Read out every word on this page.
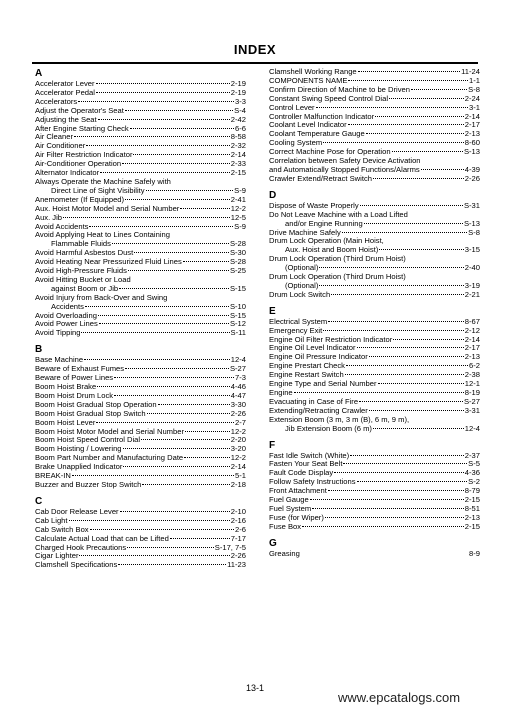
INDEX
A
Accelerator Lever	2-19
Accelerator Pedal	2-19
Accelerators	3-3
Adjust the Operator's Seat	S-4
Adjusting the Seat	2-42
After Engine Starting Check	6-6
Air Cleaner	8-58
Air Conditioner	2-32
Air Filter Restriction Indicator	2-14
Air-Conditioner Operation	2-33
Alternator Indicator	2-15
Always Operate the Machine Safely with
Direct Line of Sight Visibility	S-9
Anemometer (If Equipped)	2-41
Aux. Hoist Motor Model and Serial Number	12-2
Aux. Jib	12-5
Avoid Accidents	S-9
Avoid Applying Heat to Lines Containing
Flammable Fluids	S-28
Avoid Harmful Asbestos Dust	S-30
Avoid Heating Near Pressurized Fluid Lines	S-28
Avoid High-Pressure Fluids	S-25
Avoid Hitting Bucket or Load
against Boom or Jib	S-15
Avoid Injury from Back-Over and Swing
Accidents	S-10
Avoid Overloading	S-15
Avoid Power Lines	S-12
Avoid Tipping	S-11
B
Base Machine	12-4
Beware of Exhaust Fumes	S-27
Beware of Power Lines	7-3
Boom Hoist Brake	4-46
Boom Hoist Drum Lock	4-47
Boom Hoist Gradual Stop Operation	3-30
Boom Hoist Gradual Stop Switch	2-26
Boom Hoist Lever	2-7
Boom Hoist Motor Model and Serial Number	12-2
Boom Hoist Speed Control Dial	2-20
Boom Hoisting / Lowering	3-20
Boom Part Number and Manufacturing Date	12-2
Brake Unapplied Indicator	2-14
BREAK-IN	5-1
Buzzer and Buzzer Stop Switch	2-18
C
Cab Door Release Lever	2-10
Cab Light	2-16
Cab Switch Box	2-6
Calculate Actual Load that can be Lifted	7-17
Charged Hook Precautions	S-17, 7-5
Cigar Lighter	2-26
Clamshell Specifications	11-23
Clamshell Working Range	11-24
COMPONENTS NAME	1-1
Confirm Direction of Machine to be Driven	S-8
Constant Swing Speed Control Dial	2-24
Control Lever	3-1
Controller Malfunction Indicator	2-14
Coolant Level Indicator	2-17
Coolant Temperature Gauge	2-13
Cooling System	8-60
Correct Machine Pose for Operation	S-13
Correlation between Safety Device Activation
and Automatically Stopped Functions/Alarms	4-39
Crawler Extend/Retract Switch	2-26
D
Dispose of Waste Properly	S-31
Do Not Leave Machine with a Load Lifted
and/or Engine Running	S-13
Drive Machine Safely	S-8
Drum Lock Operation (Main Hoist,
Aux. Hoist and Boom Hoist)	3-15
Drum Lock Operation (Third Drum Hoist)
(Optional)	2-40
Drum Lock Operation (Third Drum Hoist)
(Optional)	3-19
Drum Lock Switch	2-21
E
Electrical System	8-67
Emergency Exit	2-12
Engine Oil Filter Restriction Indicator	2-14
Engine Oil Level Indicator	2-17
Engine Oil Pressure Indicator	2-13
Engine Prestart Check	6-2
Engine Restart Switch	2-38
Engine Type and Serial Number	12-1
Engine	8-19
Evacuating in Case of Fire	S-27
Extending/Retracting Crawler	3-31
Extension Boom (3 m, 3 m (B), 6 m, 9 m),
Jib Extension Boom (6 m)	12-4
F
Fast Idle Switch (White)	2-37
Fasten Your Seat Belt	S-5
Fault Code Display	4-36
Follow Safety Instructions	S-2
Front Attachment	8-79
Fuel Gauge	2-15
Fuel System	8-51
Fuse (for Wiper)	2-13
Fuse Box	2-15
G
Greasing	8-9
13-1
www.epcatalogs.com
